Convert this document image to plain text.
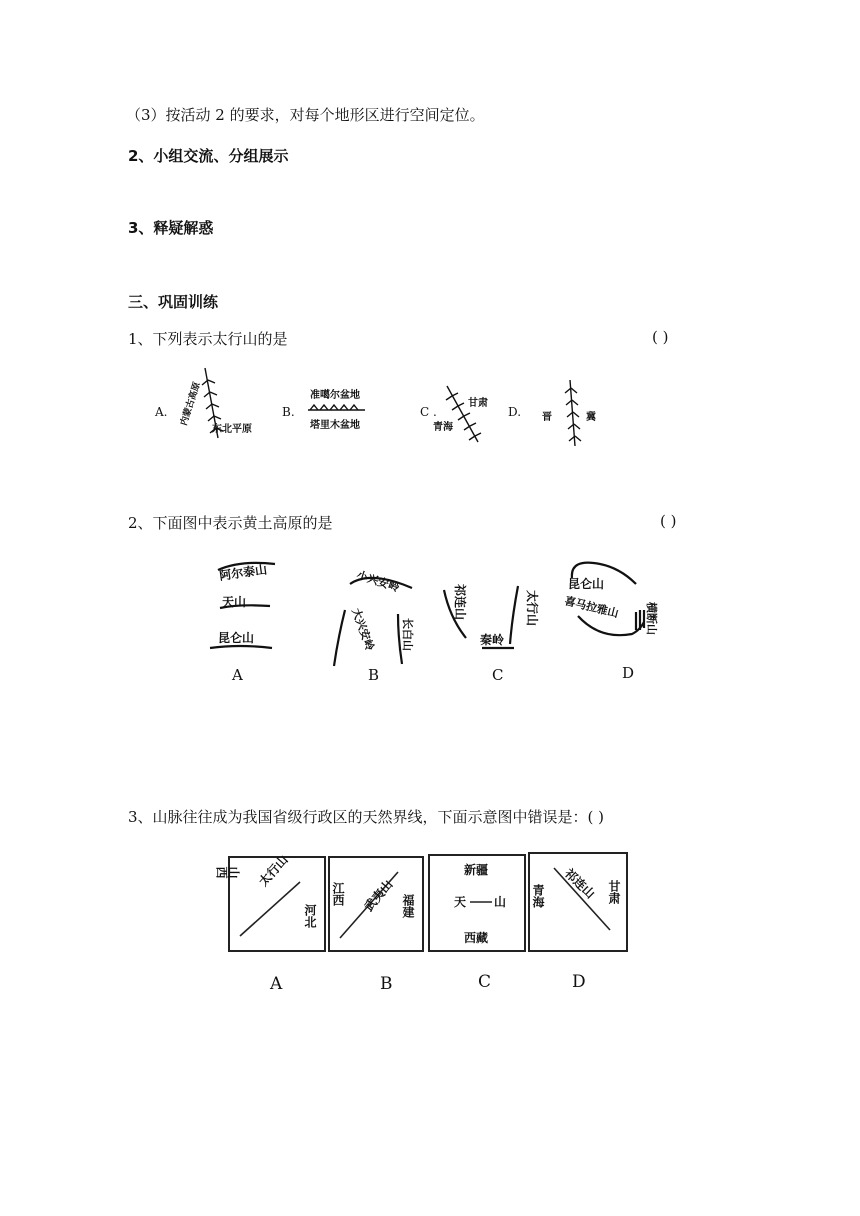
（3）按活动 2 的要求，对每个地形区进行空间定位。
2、小组交流、分组展示
3、释疑解惑
三、巩固训练
1、下列表示太行山的是	( )
A. 内蒙古高原
东北平原
B.
准噶尔盆地
塔里木盆地
C .
甘肃
青海
D. 晋	冀
2、下面图中表示黄土高原的是	( )
阿尔泰山
天山
昆仑山
A
小兴安岭
大兴安岭 长白山
B
祁连山	太行山
秦岭
C
昆仑山
喜马拉雅山 横断山
D
3、山脉往往成为我国省级行政区的天然界线，下面示意图中错误是：( )
山西 太行山
河北
江西 武夷山 福建
新疆
天 山
西藏
青海 祁连山 甘肃
A	B	C	D
